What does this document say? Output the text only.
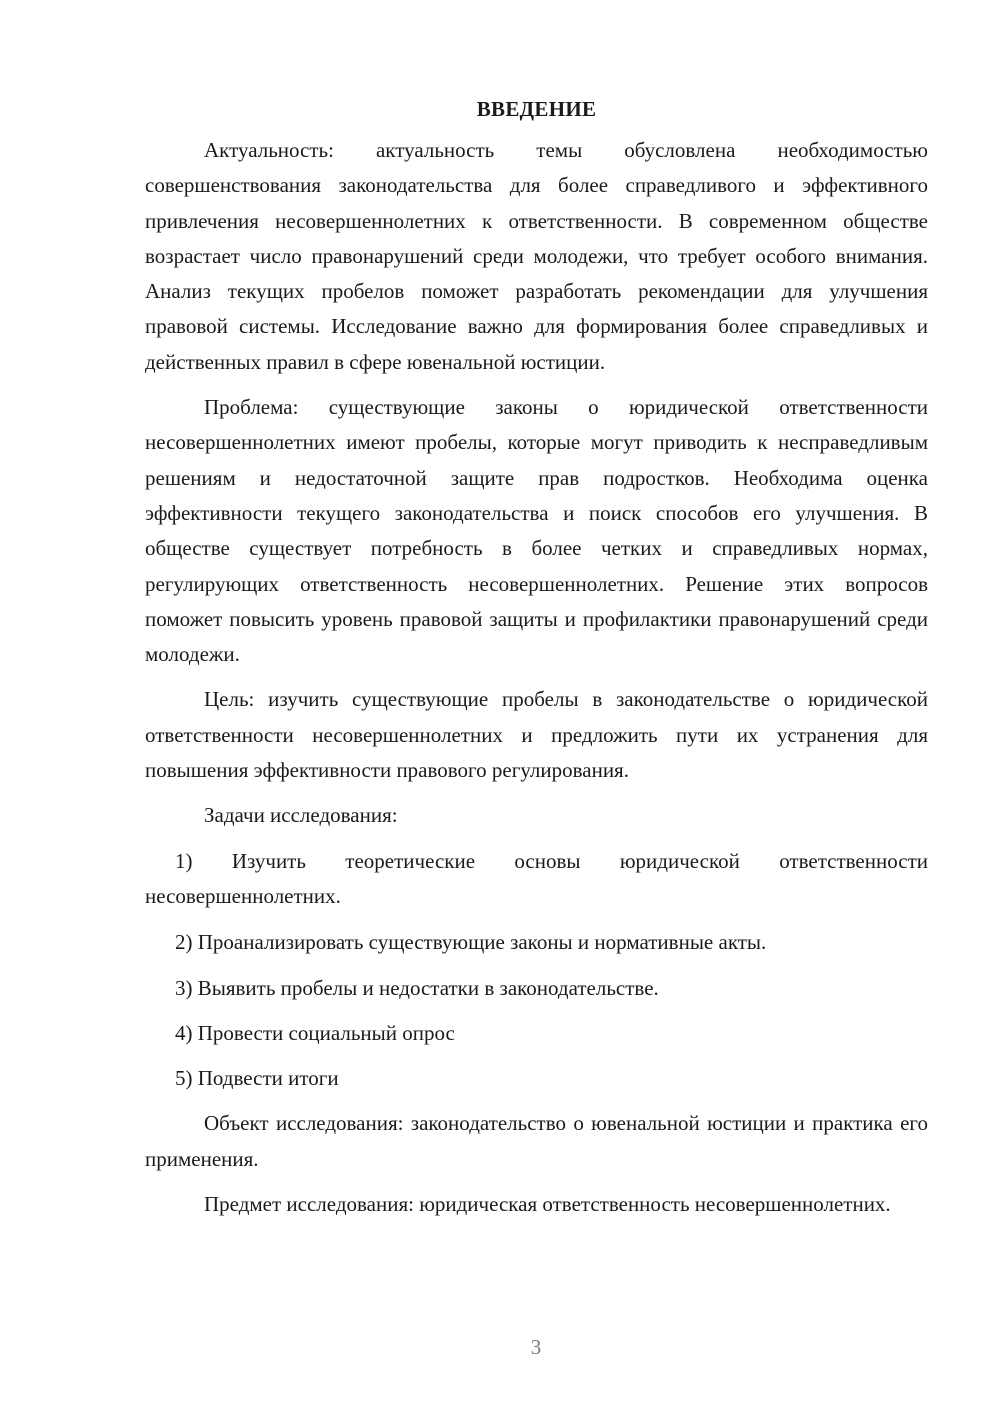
ВВЕДЕНИЕ

Актуальность: актуальность темы обусловлена необходимостью совершенствования законодательства для более справедливого и эффективного привлечения несовершеннолетних к ответственности. В современном обществе возрастает число правонарушений среди молодежи, что требует особого внимания. Анализ текущих пробелов поможет разработать рекомендации для улучшения правовой системы. Исследование важно для формирования более справедливых и действенных правил в сфере ювенальной юстиции.

Проблема: существующие законы о юридической ответственности несовершеннолетних имеют пробелы, которые могут приводить к несправедливым решениям и недостаточной защите прав подростков. Необходима оценка эффективности текущего законодательства и поиск способов его улучшения. В обществе существует потребность в более четких и справедливых нормах, регулирующих ответственность несовершеннолетних. Решение этих вопросов поможет повысить уровень правовой защиты и профилактики правонарушений среди молодежи.

Цель: изучить существующие пробелы в законодательстве о юридической ответственности несовершеннолетних и предложить пути их устранения для повышения эффективности правового регулирования.

Задачи исследования:

1) Изучить теоретические основы юридической ответственности несовершеннолетних.
2) Проанализировать существующие законы и нормативные акты.
3) Выявить пробелы и недостатки в законодательстве.
4) Провести социальный опрос
5) Подвести итоги

Объект исследования: законодательство о ювенальной юстиции и практика его применения.

Предмет исследования: юридическая ответственность несовершеннолетних.

3
